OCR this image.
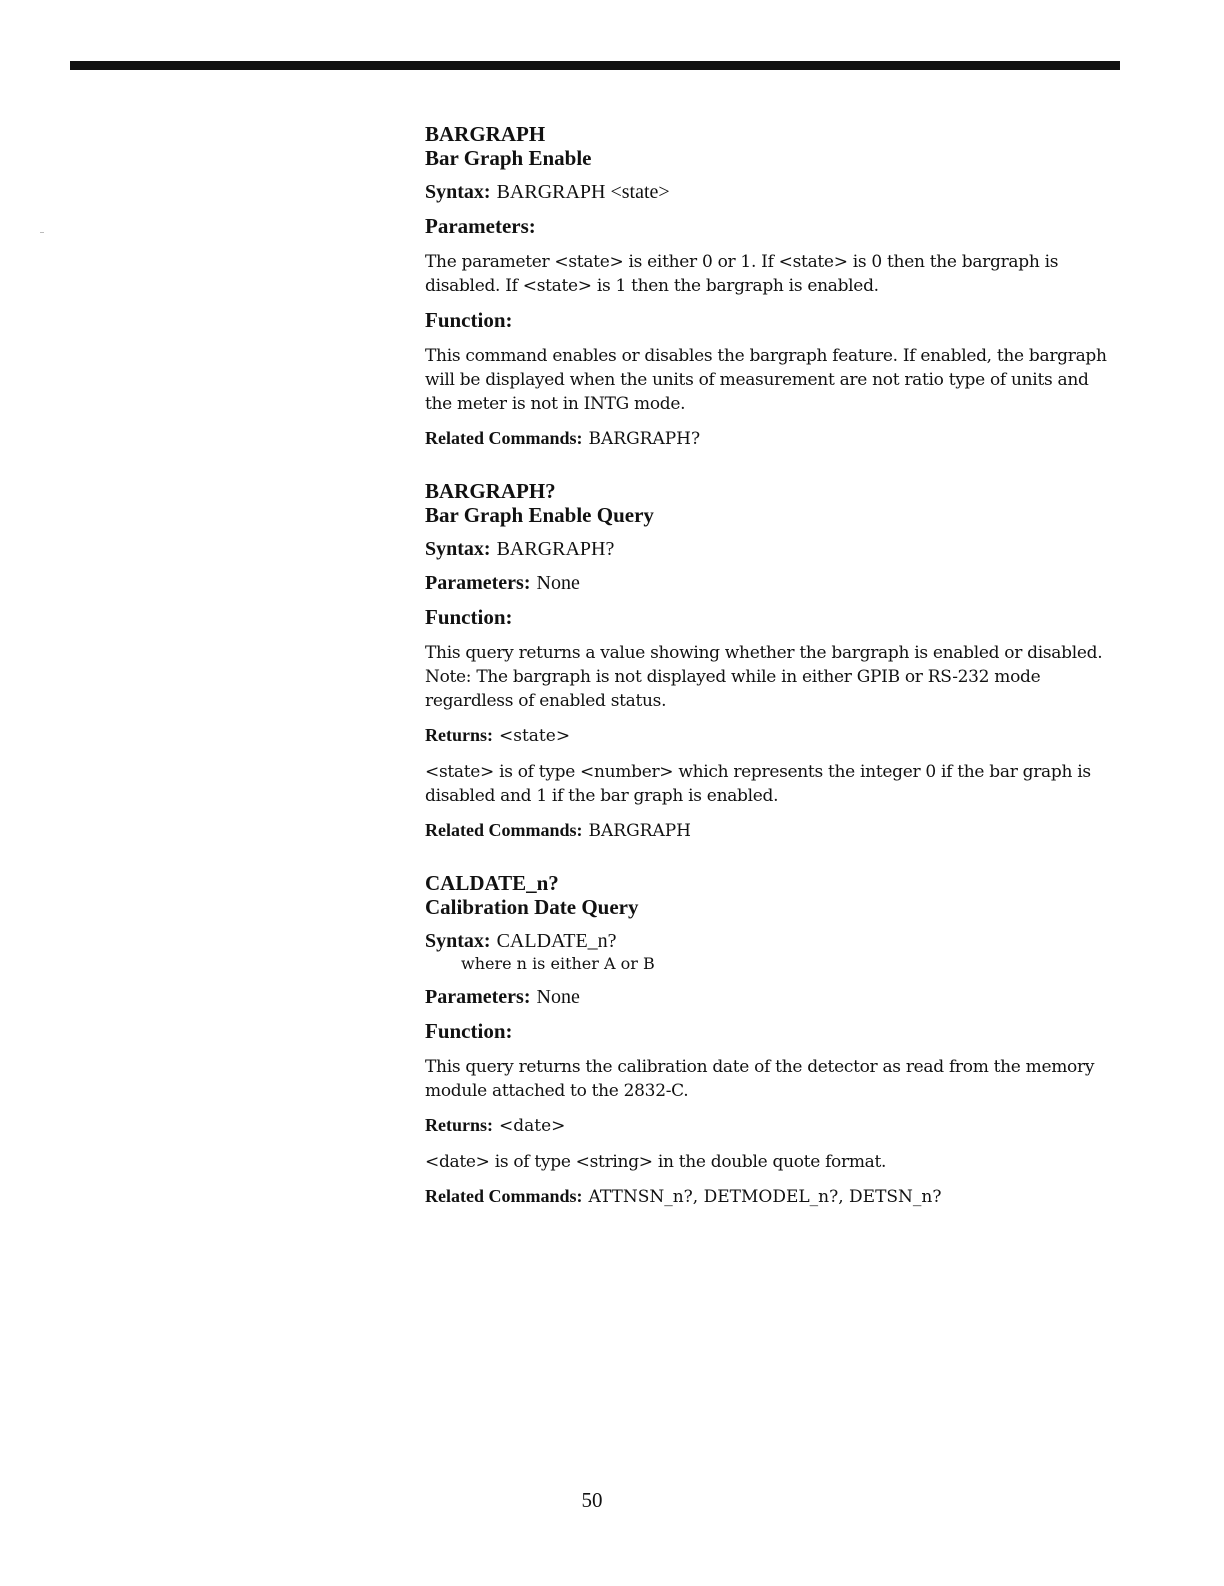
BARGRAPH
Bar Graph Enable
Syntax: BARGRAPH <state>
Parameters:
The parameter <state> is either 0 or 1. If <state> is 0 then the bargraph is disabled. If <state> is 1 then the bargraph is enabled.
Function:
This command enables or disables the bargraph feature. If enabled, the bargraph will be displayed when the units of measurement are not ratio type of units and the meter is not in INTG mode.
Related Commands: BARGRAPH?
BARGRAPH?
Bar Graph Enable Query
Syntax: BARGRAPH?
Parameters: None
Function:
This query returns a value showing whether the bargraph is enabled or disabled. Note: The bargraph is not displayed while in either GPIB or RS-232 mode regardless of enabled status.
Returns: <state>
<state> is of type <number> which represents the integer 0 if the bar graph is disabled and 1 if the bar graph is enabled.
Related Commands: BARGRAPH
CALDATE_n?
Calibration Date Query
Syntax: CALDATE_n?
where n is either A or B
Parameters: None
Function:
This query returns the calibration date of the detector as read from the memory module attached to the 2832-C.
Returns: <date>
<date> is of type <string> in the double quote format.
Related Commands: ATTNSN_n?, DETMODEL_n?, DETSN_n?
50
